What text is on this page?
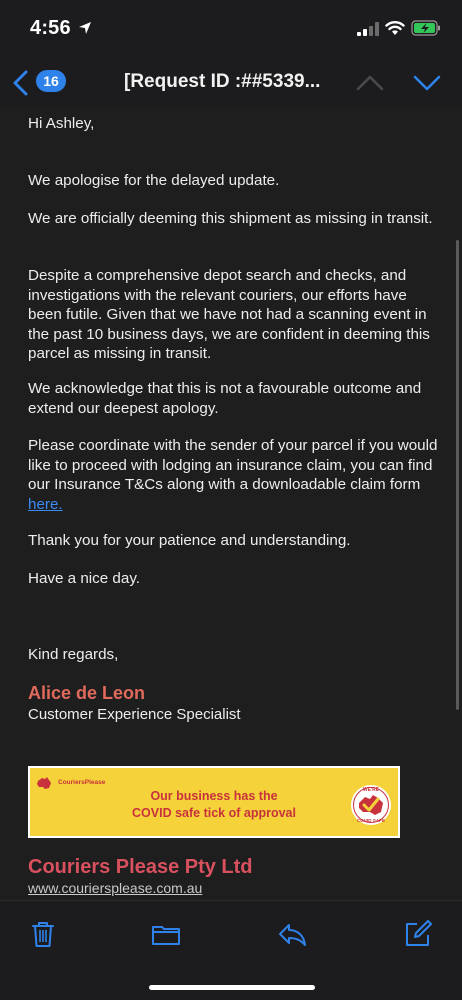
4:56
16	[Request ID :##5339...

Hi Ashley,

We apologise for the delayed update.

We are officially deeming this shipment as missing in transit.

Despite a comprehensive depot search and checks, and investigations with the relevant couriers, our efforts have been futile. Given that we have not had a scanning event in the past 10 business days, we are confident in deeming this parcel as missing in transit.

We acknowledge that this is not a favourable outcome and extend our deepest apology.

Please coordinate with the sender of your parcel if you would like to proceed with lodging an insurance claim, you can find our Insurance T&Cs along with a downloadable claim form here.

Thank you for your patience and understanding.

Have a nice day.

Kind regards,

Alice de Leon
Customer Experience Specialist
CouriersPlease
Our business has the
COVID safe tick of approval
WE'RE
COVID SAFE
Couriers Please Pty Ltd
www.couriersplease.com.au
